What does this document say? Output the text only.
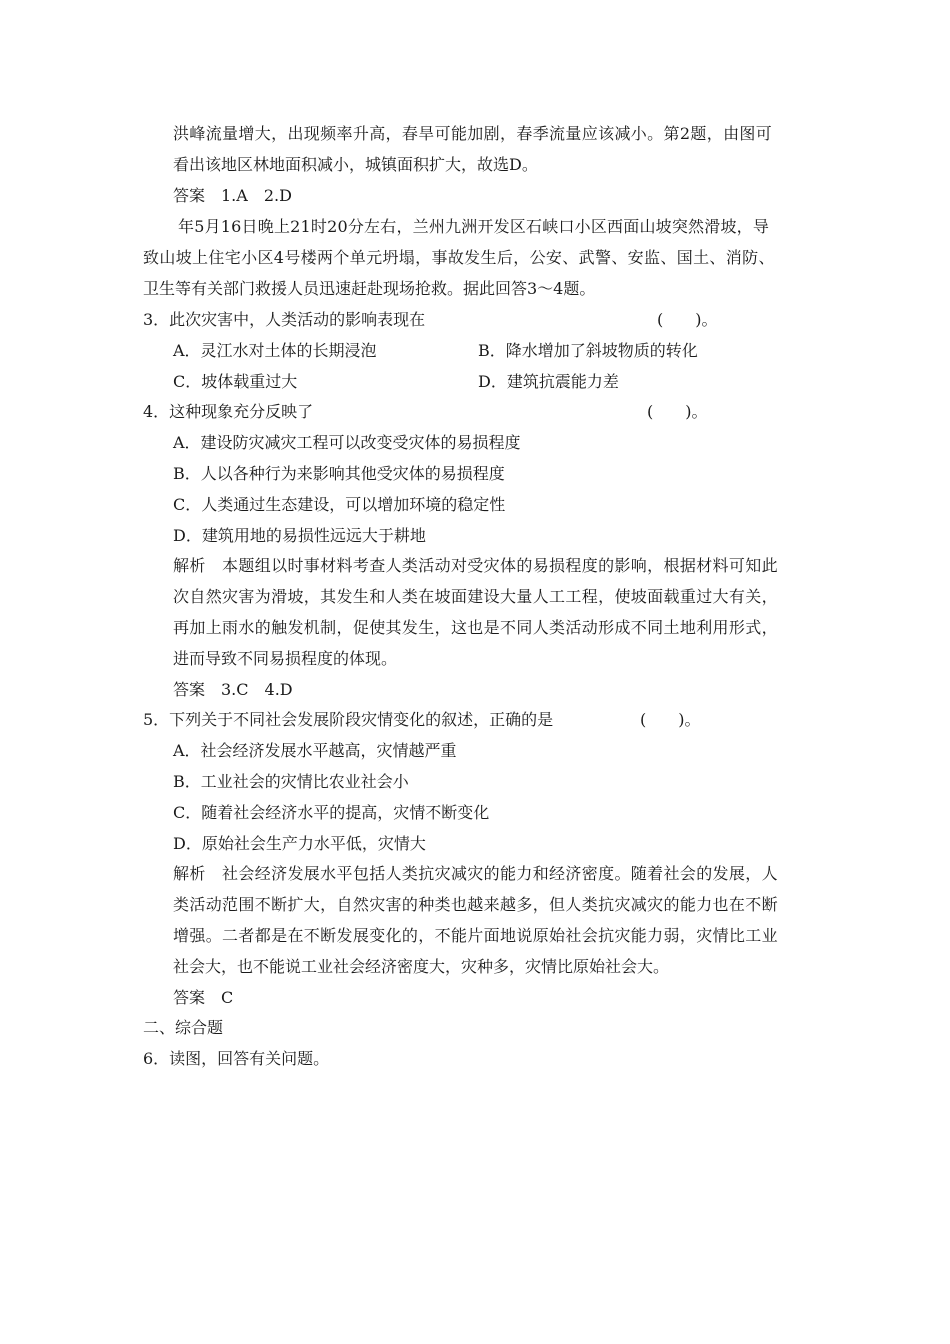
洪峰流量增大，出现频率升高，春旱可能加剧，春季流量应该减小。第2题，由图可
看出该地区林地面积减小，城镇面积扩大，故选D。
答案　1.A　2.D
年5月16日晚上21时20分左右，兰州九洲开发区石峡口小区西面山坡突然滑坡，导
致山坡上住宅小区4号楼两个单元坍塌，事故发生后，公安、武警、安监、国土、消防、
卫生等有关部门救援人员迅速赶赴现场抢救。据此回答3～4题。
3．此次灾害中，人类活动的影响表现在	(　　)。
A．灵江水对土体的长期浸泡	B．降水增加了斜坡物质的转化
C．坡体载重过大	D．建筑抗震能力差
4．这种现象充分反映了	(　　)。
A．建设防灾减灾工程可以改变受灾体的易损程度
B．人以各种行为来影响其他受灾体的易损程度
C．人类通过生态建设，可以增加环境的稳定性
D．建筑用地的易损性远远大于耕地
解析　本题组以时事材料考查人类活动对受灾体的易损程度的影响，根据材料可知此
次自然灾害为滑坡，其发生和人类在坡面建设大量人工工程，使坡面载重过大有关，
再加上雨水的触发机制，促使其发生，这也是不同人类活动形成不同土地利用形式，
进而导致不同易损程度的体现。
答案　3.C　4.D
5．下列关于不同社会发展阶段灾情变化的叙述，正确的是	(　　)。
A．社会经济发展水平越高，灾情越严重
B．工业社会的灾情比农业社会小
C．随着社会经济水平的提高，灾情不断变化
D．原始社会生产力水平低，灾情大
解析　社会经济发展水平包括人类抗灾减灾的能力和经济密度。随着社会的发展，人
类活动范围不断扩大，自然灾害的种类也越来越多，但人类抗灾减灾的能力也在不断
增强。二者都是在不断发展变化的，不能片面地说原始社会抗灾能力弱，灾情比工业
社会大，也不能说工业社会经济密度大，灾种多，灾情比原始社会大。
答案　C
二、综合题
6．读图，回答有关问题。
